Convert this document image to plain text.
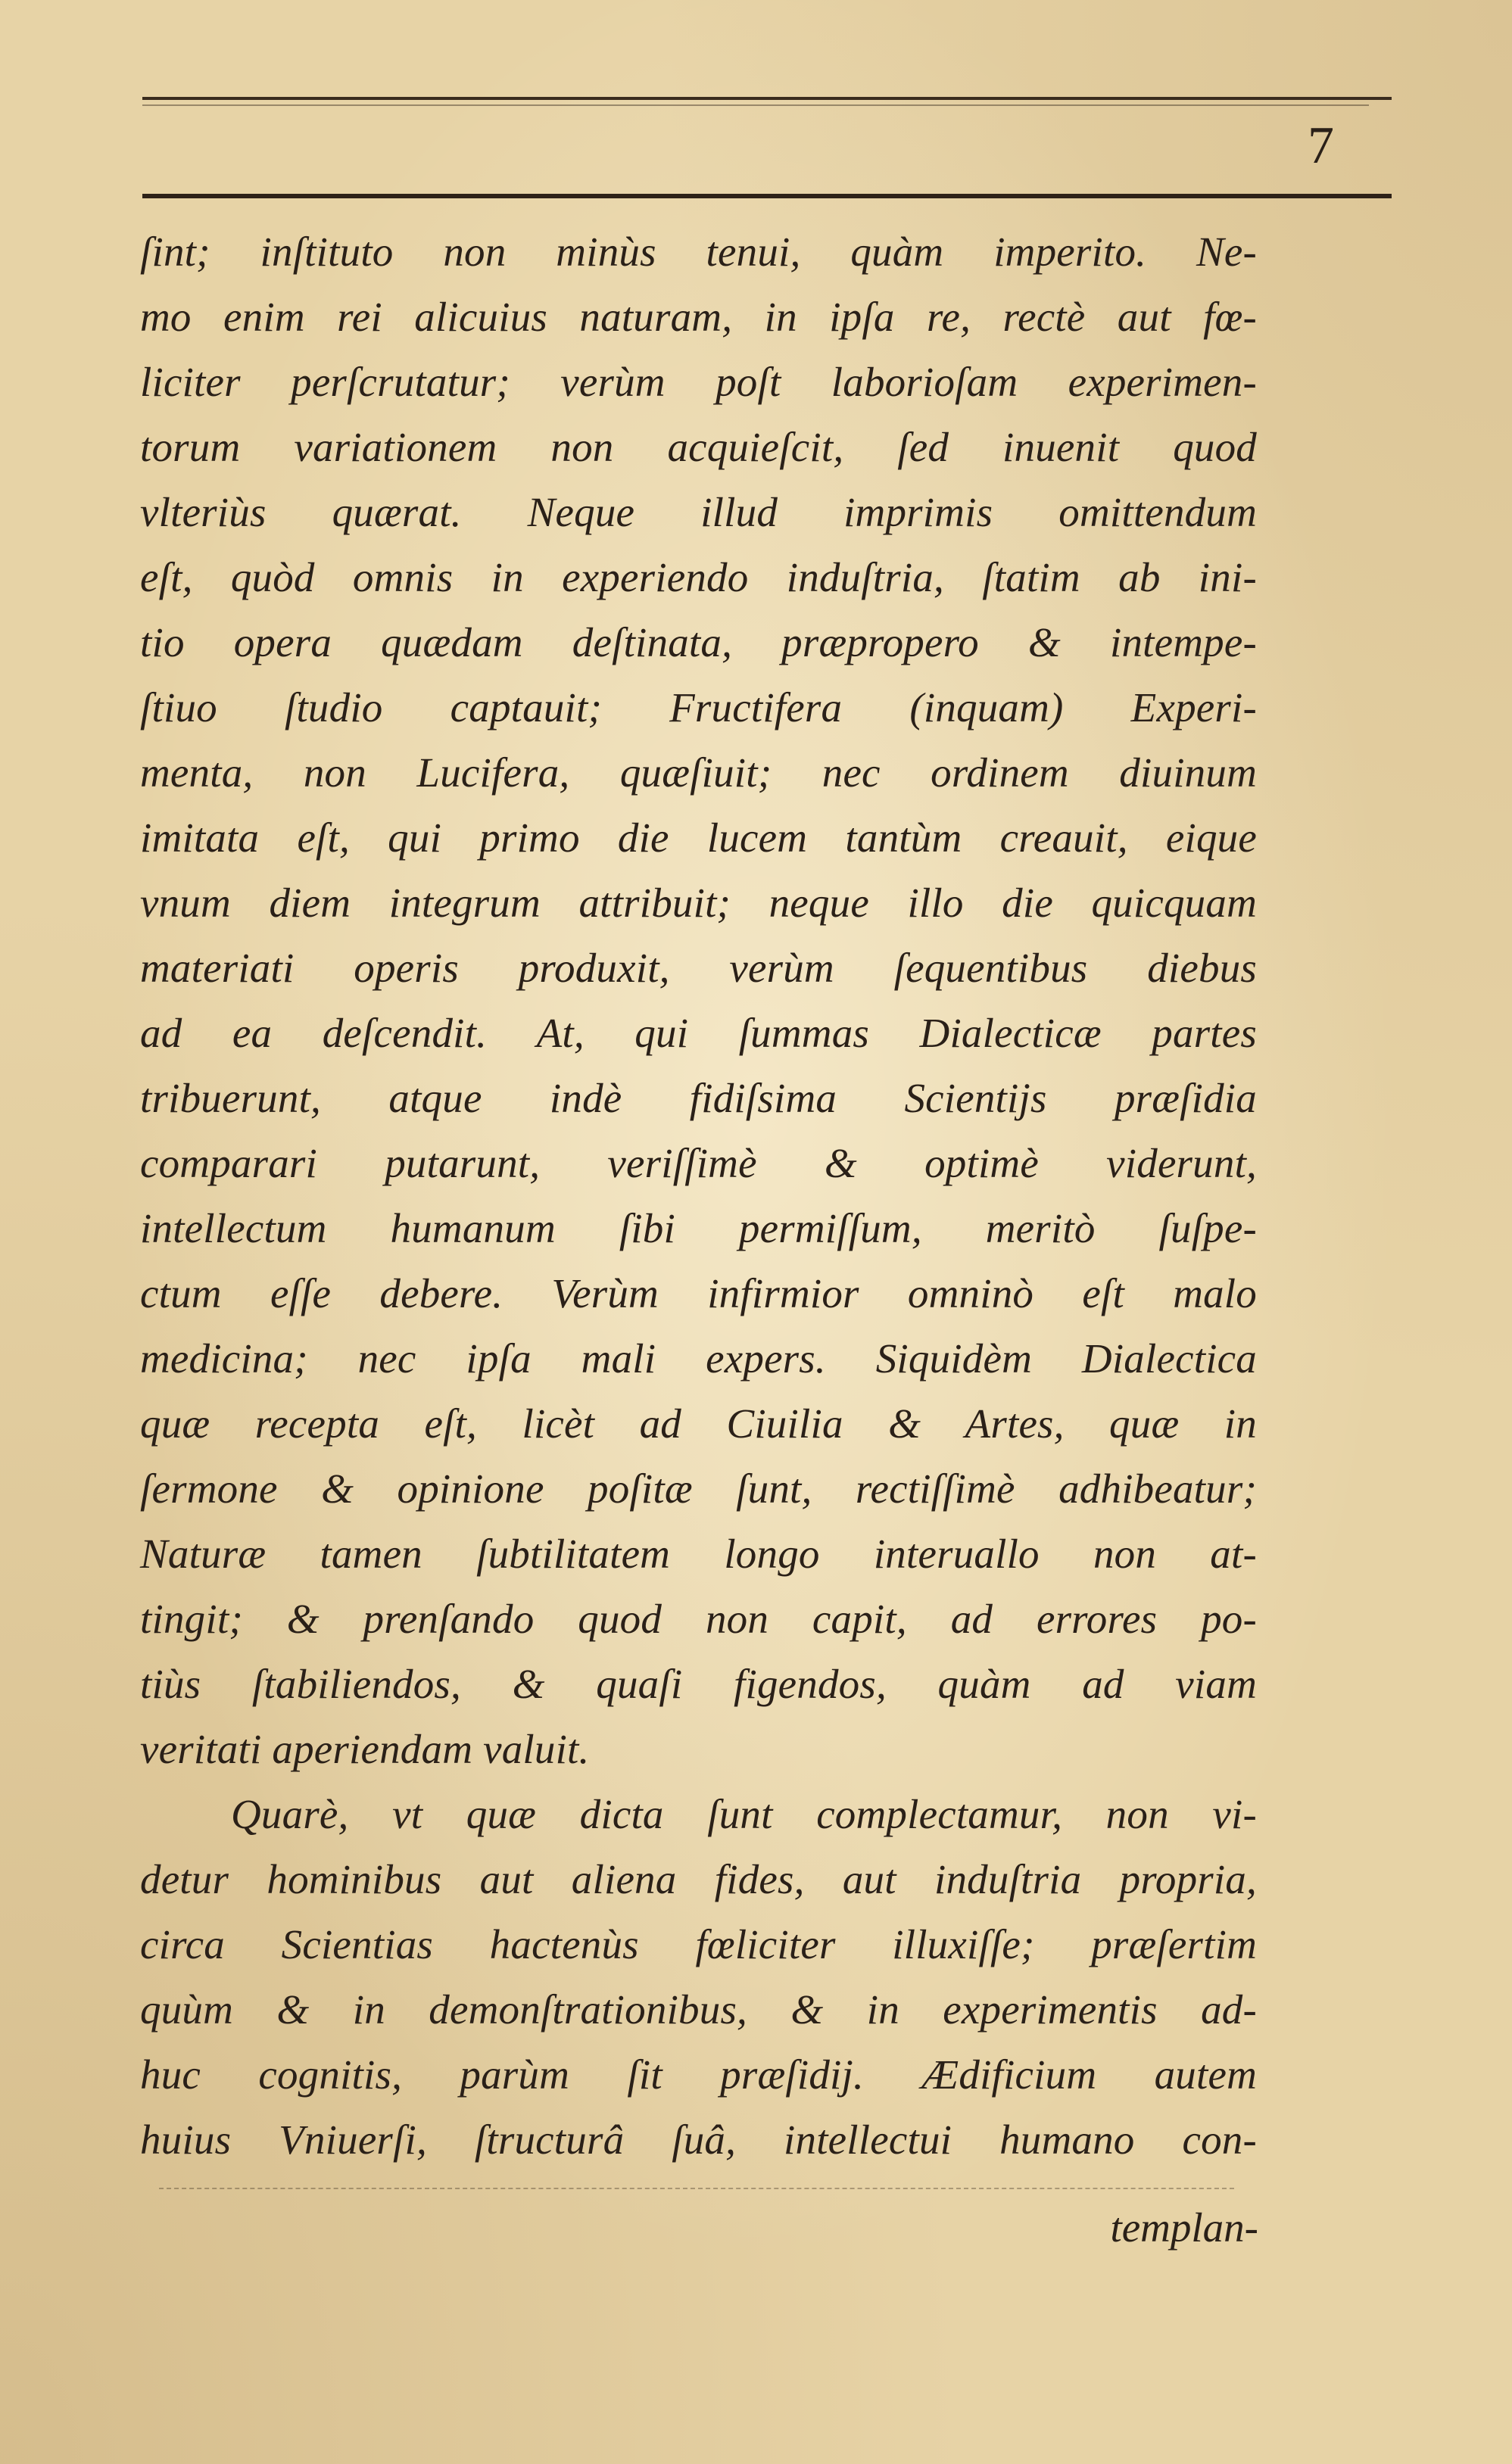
7
ſint; inſtituto non minùs tenui, quàm imperito. Ne-
mo enim rei alicuius naturam, in ipſa re, rectè aut fœ-
liciter perſcrutatur; verùm poſt laborioſam experimen-
torum variationem non acquieſcit, ſed inuenit quod
vlteriùs quærat. Neque illud imprimis omittendum
eſt, quòd omnis in experiendo induſtria, ſtatim ab ini-
tio opera quædam deſtinata, præpropero & intempe-
ſtiuo ſtudio captauit; Fructifera (inquam) Experi-
menta, non Lucifera, quæſiuit; nec ordinem diuinum
imitata eſt, qui primo die lucem tantùm creauit, eique
vnum diem integrum attribuit; neque illo die quicquam
materiati operis produxit, verùm ſequentibus diebus
ad ea deſcendit. At, qui ſummas Dialecticæ partes
tribuerunt, atque indè fidiſsima Scientijs præſidia
comparari putarunt, veriſſimè & optimè viderunt,
intellectum humanum ſibi permiſſum, meritò ſuſpe-
ctum eſſe debere. Verùm infirmior omninò eſt malo
medicina; nec ipſa mali expers. Siquidèm Dialectica
quæ recepta eſt, licèt ad Ciuilia & Artes, quæ in
ſermone & opinione poſitæ ſunt, rectiſſimè adhibeatur;
Naturæ tamen ſubtilitatem longo interuallo non at-
tingit; & prenſando quod non capit, ad errores po-
tiùs ſtabiliendos, & quaſi figendos, quàm ad viam
veritati aperiendam valuit.
Quarè, vt quæ dicta ſunt complectamur, non vi-
detur hominibus aut aliena fides, aut induſtria propria,
circa Scientias hactenùs fœliciter illuxiſſe; præſertim
quùm & in demonſtrationibus, & in experimentis ad-
huc cognitis, parùm ſit præſidij. Ædificium autem
huius Vniuerſi, ſtructurâ ſuâ, intellectui humano con-
templan-
